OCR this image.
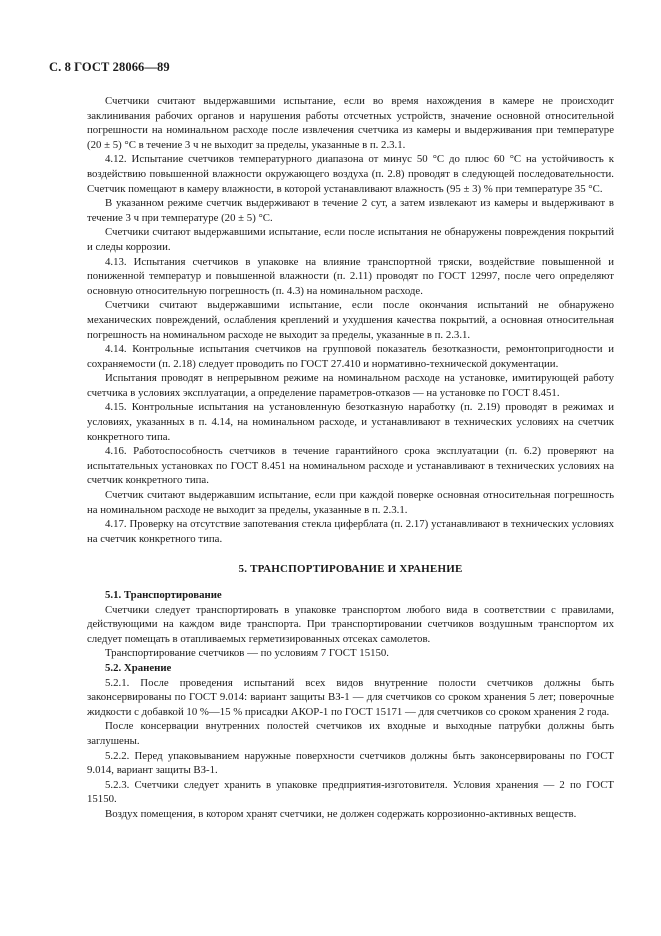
С. 8 ГОСТ 28066—89

Счетчики считают выдержавшими испытание, если во время нахождения в камере не происходит заклинивания рабочих органов и нарушения работы отсчетных устройств, значение основной относительной погрешности на номинальном расходе после извлечения счетчика из камеры и выдерживания при температуре (20 ± 5) °С в течение 3 ч не выходит за пределы, указанные в п. 2.3.1.

4.12. Испытание счетчиков температурного диапазона от минус 50 °С до плюс 60 °С на устойчивость к воздействию повышенной влажности окружающего воздуха (п. 2.8) проводят в следующей последовательности. Счетчик помещают в камеру влажности, в которой устанавливают влажность (95 ± 3) % при температуре 35 °С.

В указанном режиме счетчик выдерживают в течение 2 сут, а затем извлекают из камеры и выдерживают в течение 3 ч при температуре (20 ± 5) °С.

Счетчики считают выдержавшими испытание, если после испытания не обнаружены повреждения покрытий и следы коррозии.

4.13. Испытания счетчиков в упаковке на влияние транспортной тряски, воздействие повышенной и пониженной температур и повышенной влажности (п. 2.11) проводят по ГОСТ 12997, после чего определяют основную относительную погрешность (п. 4.3) на номинальном расходе.

Счетчики считают выдержавшими испытание, если после окончания испытаний не обнаружено механических повреждений, ослабления креплений и ухудшения качества покрытий, а основная относительная погрешность на номинальном расходе не выходит за пределы, указанные в п. 2.3.1.

4.14. Контрольные испытания счетчиков на групповой показатель безотказности, ремонтопригодности и сохраняемости (п. 2.18) следует проводить по ГОСТ 27.410 и нормативно-технической документации.

Испытания проводят в непрерывном режиме на номинальном расходе на установке, имитирующей работу счетчика в условиях эксплуатации, а определение параметров-отказов — на установке по ГОСТ 8.451.

4.15. Контрольные испытания на установленную безотказную наработку (п. 2.19) проводят в режимах и условиях, указанных в п. 4.14, на номинальном расходе, и устанавливают в технических условиях на счетчик конкретного типа.

4.16. Работоспособность счетчиков в течение гарантийного срока эксплуатации (п. 6.2) проверяют на испытательных установках по ГОСТ 8.451 на номинальном расходе и устанавливают в технических условиях на счетчик конкретного типа.

Счетчик считают выдержавшим испытание, если при каждой поверке основная относительная погрешность на номинальном расходе не выходит за пределы, указанные в п. 2.3.1.

4.17. Проверку на отсутствие запотевания стекла циферблата (п. 2.17) устанавливают в технических условиях на счетчик конкретного типа.

5. ТРАНСПОРТИРОВАНИЕ И ХРАНЕНИЕ

5.1. Транспортирование

Счетчики следует транспортировать в упаковке транспортом любого вида в соответствии с правилами, действующими на каждом виде транспорта. При транспортировании счетчиков воздушным транспортом их следует помещать в отапливаемых герметизированных отсеках самолетов.

Транспортирование счетчиков — по условиям 7 ГОСТ 15150.

5.2. Хранение

5.2.1. После проведения испытаний всех видов внутренние полости счетчиков должны быть законсервированы по ГОСТ 9.014: вариант защиты ВЗ-1 — для счетчиков со сроком хранения 5 лет; поверочные жидкости с добавкой 10 %—15 % присадки АКОР-1 по ГОСТ 15171 — для счетчиков со сроком хранения 2 года.

После консервации внутренних полостей счетчиков их входные и выходные патрубки должны быть заглушены.

5.2.2. Перед упаковыванием наружные поверхности счетчиков должны быть законсервированы по ГОСТ 9.014, вариант защиты ВЗ-1.

5.2.3. Счетчики следует хранить в упаковке предприятия-изготовителя. Условия хранения — 2 по ГОСТ 15150.

Воздух помещения, в котором хранят счетчики, не должен содержать коррозионно-активных веществ.
